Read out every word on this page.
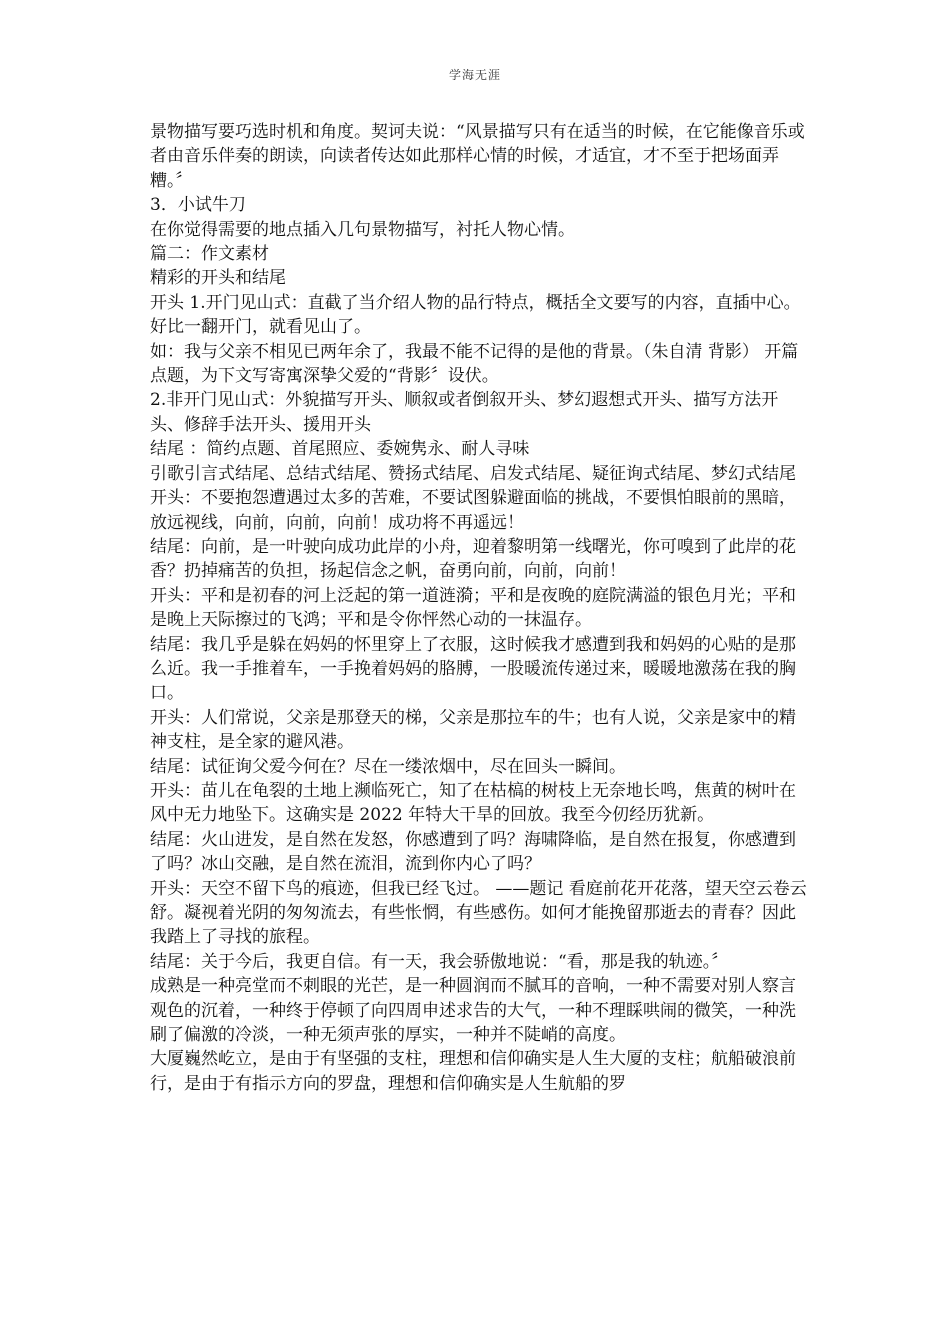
学海无涯

景物描写要巧选时机和角度。契诃夫说：“风景描写只有在适当的时候，在它能像音乐或者由音乐伴奏的朗读，向读者传达如此那样心情的时候，才适宜，才不至于把场面弄糟。〞

3．小试牛刀

在你觉得需要的地点插入几句景物描写，衬托人物心情。

篇二：作文素材

精彩的开头和结尾

开头 1.开门见山式：直截了当介绍人物的品行特点，概括全文要写的内容，直插中心。好比一翻开门，就看见山了。

如：我与父亲不相见已两年余了，我最不能不记得的是他的背景。（朱自清 背影） 开篇点题，为下文写寄寓深挚父爱的“背影〞设伏。

2.非开门见山式：外貌描写开头、顺叙或者倒叙开头、梦幻遐想式开头、描写方法开头、修辞手法开头、援用开头

结尾 ：简约点题、首尾照应、委婉隽永、耐人寻味

引歌引言式结尾、总结式结尾、赞扬式结尾、启发式结尾、疑征询式结尾、梦幻式结尾 开头：不要抱怨遭遇过太多的苦难，不要试图躲避面临的挑战，不要惧怕眼前的黑暗，放远视线，向前，向前，向前！成功将不再遥远！

结尾：向前，是一叶驶向成功此岸的小舟，迎着黎明第一线曙光，你可嗅到了此岸的花香？扔掉痛苦的负担，扬起信念之帆，奋勇向前，向前，向前！

开头：平和是初春的河上泛起的第一道涟漪；平和是夜晚的庭院满溢的银色月光；平和是晚上天际擦过的飞鸿；平和是令你怦然心动的一抹温存。

结尾：我几乎是躲在妈妈的怀里穿上了衣服，这时候我才感遭到我和妈妈的心贴的是那么近。我一手推着车，一手挽着妈妈的胳膊，一股暖流传递过来，暖暖地激荡在我的胸口。

开头：人们常说，父亲是那登天的梯，父亲是那拉车的牛；也有人说，父亲是家中的精神支柱，是全家的避风港。

结尾：试征询父爱今何在？尽在一缕浓烟中，尽在回头一瞬间。

开头：苗儿在龟裂的土地上濒临死亡，知了在枯槁的树枝上无奈地长鸣，焦黄的树叶在风中无力地坠下。这确实是 2022 年特大干旱的回放。我至今仞经历犹新。

结尾：火山进发，是自然在发怒，你感遭到了吗？海啸降临，是自然在报复，你感遭到了吗？冰山交融，是自然在流泪，流到你内心了吗？

开头：天空不留下鸟的痕迹，但我已经飞过。 ——题记 看庭前花开花落，望天空云卷云舒。凝视着光阴的匆匆流去，有些怅惘，有些感伤。如何才能挽留那逝去的青春？因此我踏上了寻找的旅程。

结尾：关于今后，我更自信。有一天，我会骄傲地说：“看，那是我的轨迹。〞

成熟是一种亮堂而不刺眼的光芒，是一种圆润而不腻耳的音响，一种不需要对别人察言观色的沉着，一种终于停顿了向四周申述求告的大气，一种不理睬哄闹的微笑，一种洗刷了偏激的冷淡，一种无须声张的厚实，一种并不陡峭的高度。

大厦巍然屹立，是由于有坚强的支柱，理想和信仰确实是人生大厦的支柱；航船破浪前行，是由于有指示方向的罗盘，理想和信仰确实是人生航船的罗
